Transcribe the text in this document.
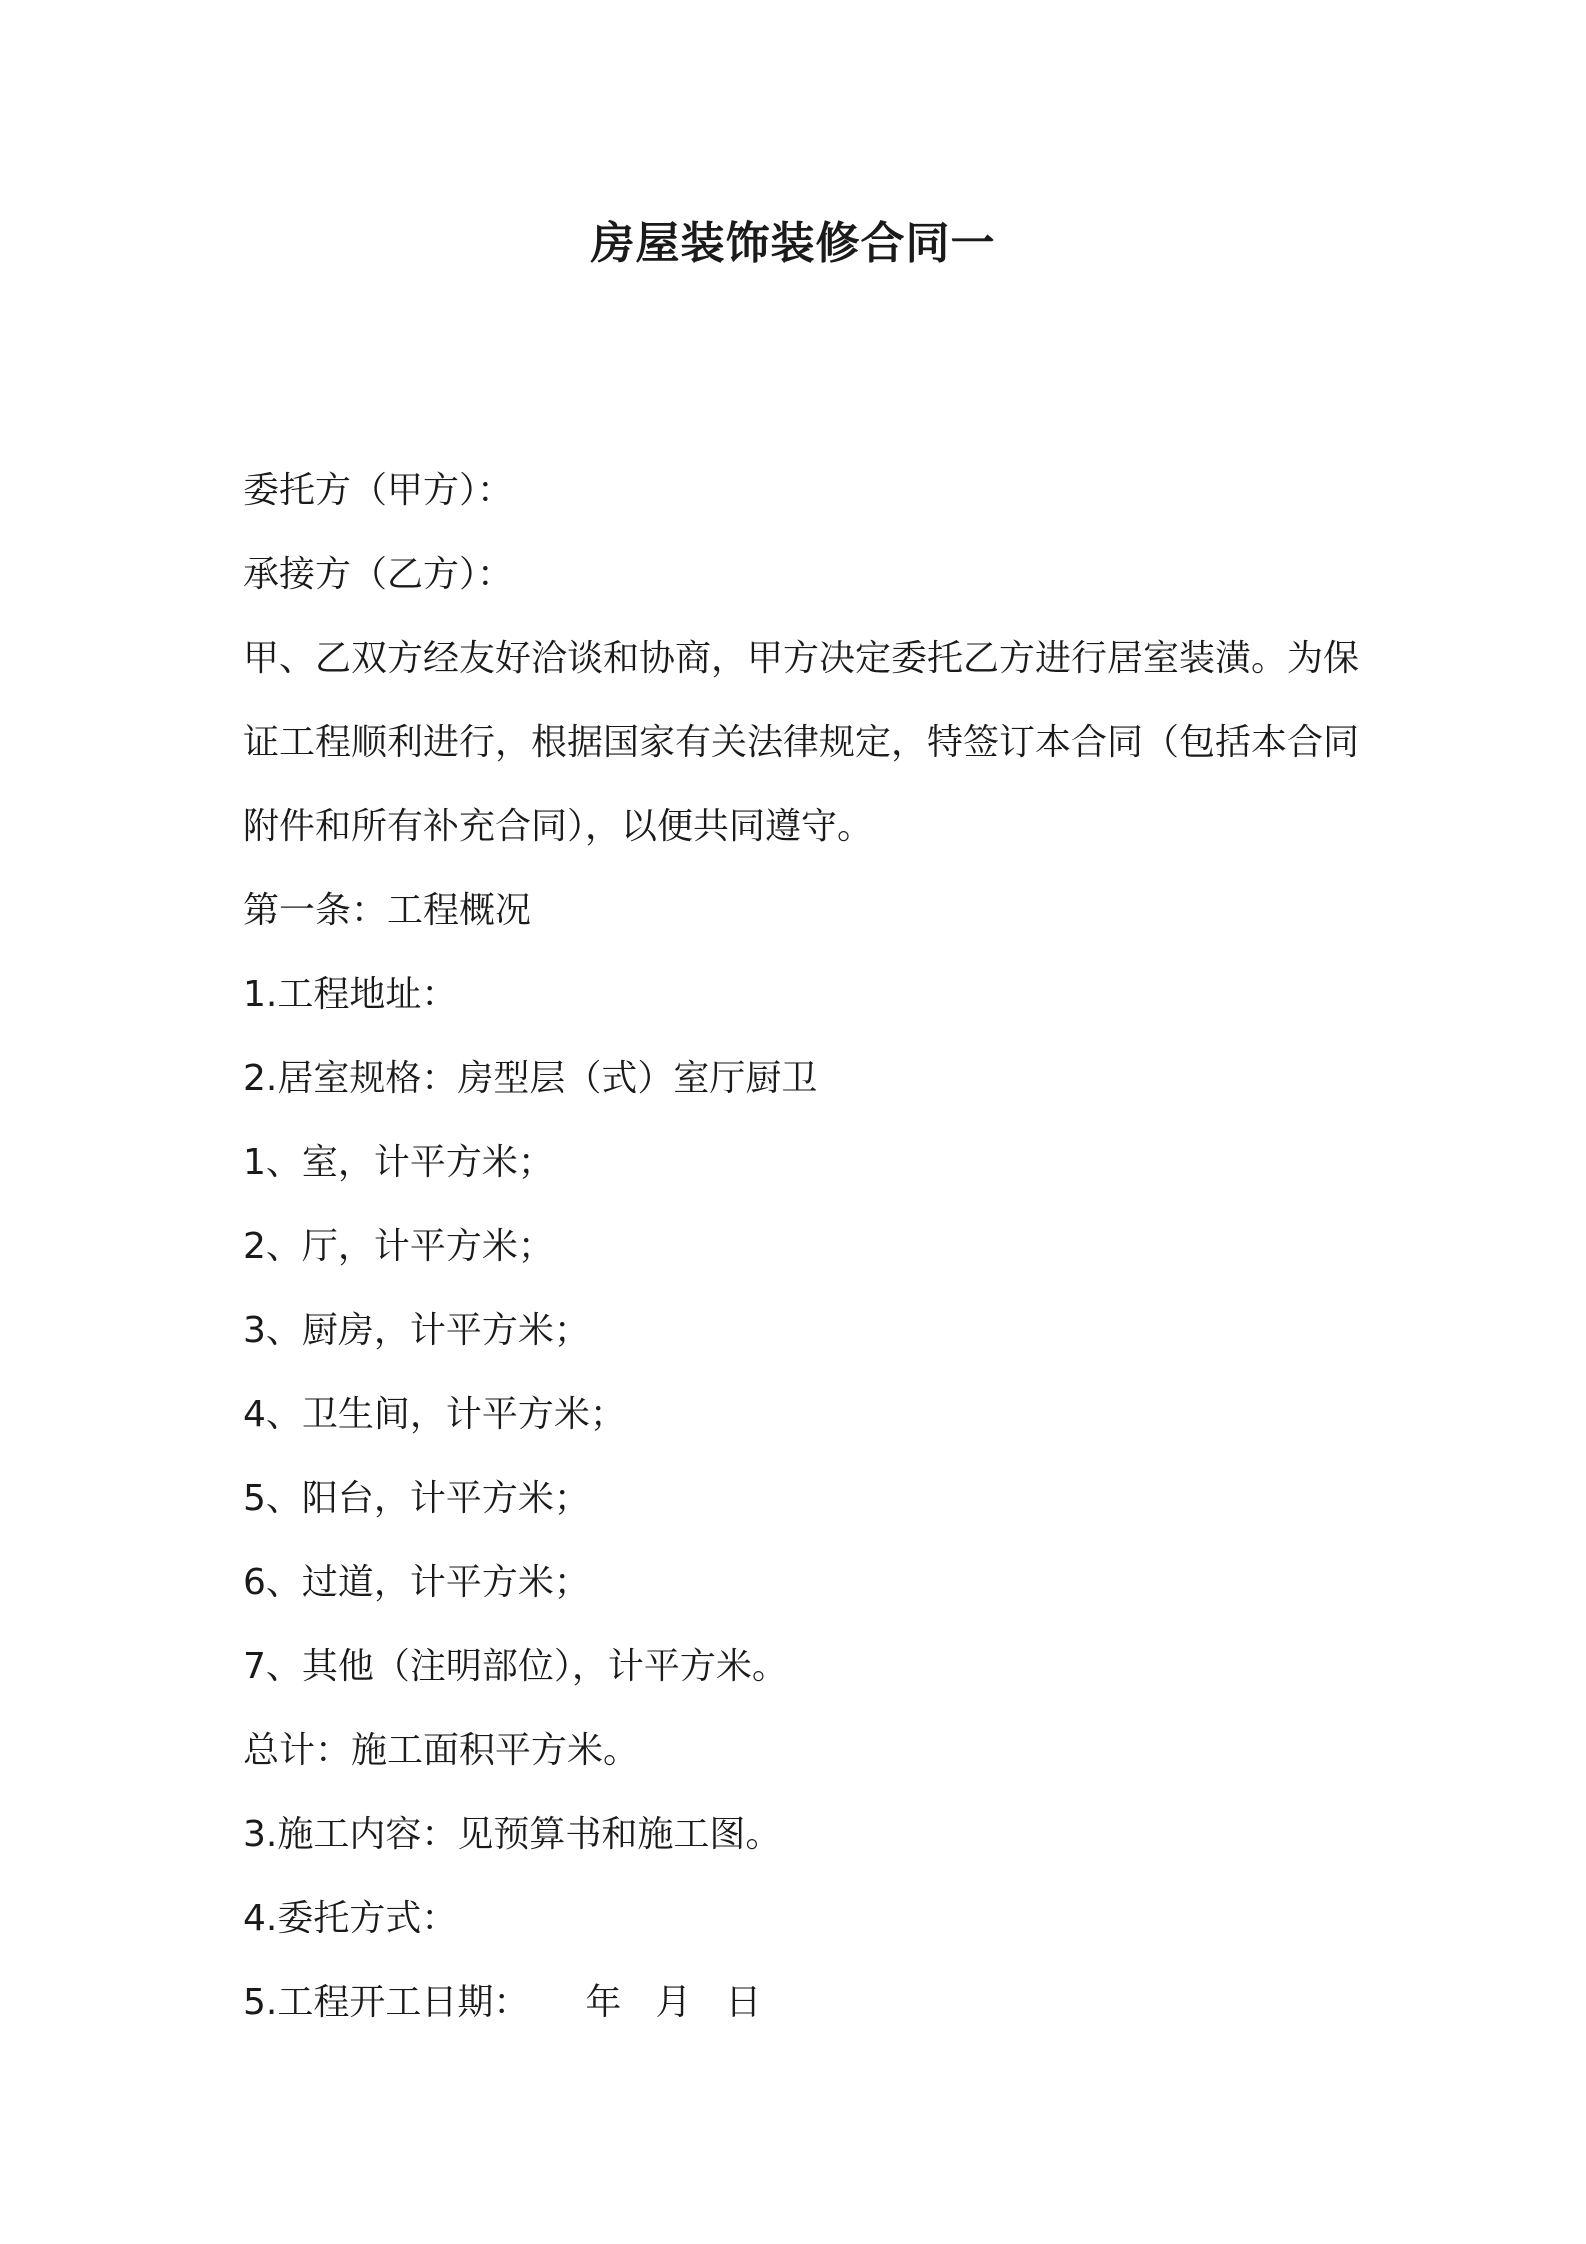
房屋装饰装修合同一

委托方（甲方）：

承接方（乙方）：

甲、乙双方经友好洽谈和协商，甲方决定委托乙方进行居室装潢。为保证工程顺利进行，根据国家有关法律规定，特签订本合同（包括本合同附件和所有补充合同），以便共同遵守。

第一条：工程概况

1.工程地址：

2.居室规格：房型层（式）室厅厨卫

1、室，计平方米；

2、厅，计平方米；

3、厨房，计平方米；

4、卫生间，计平方米；

5、阳台，计平方米；

6、过道，计平方米；

7、其他（注明部位），计平方米。

总计：施工面积平方米。

3.施工内容：见预算书和施工图。

4.委托方式：

5.工程开工日期： 年 月 日
